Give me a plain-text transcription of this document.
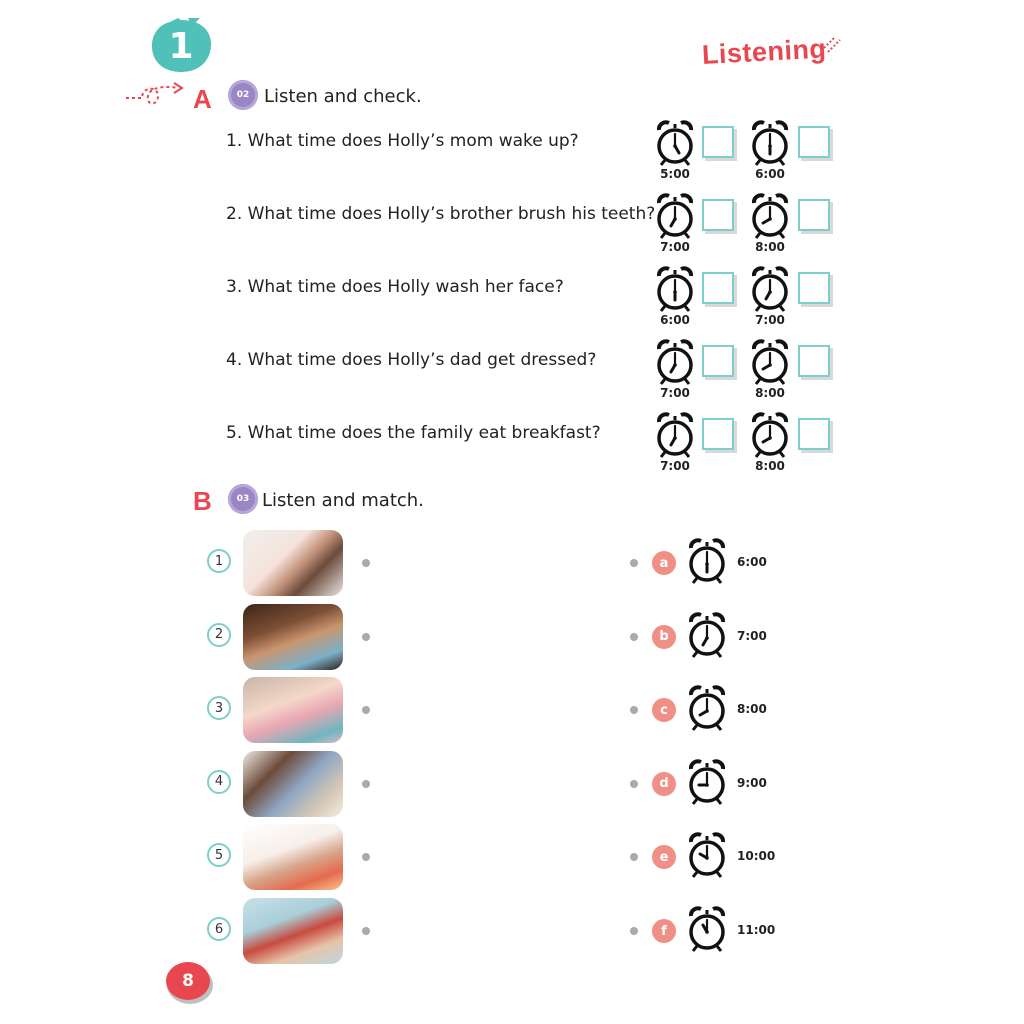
1	Listening
A	02 Listen and check.
1. What time does Holly’s mom wake up?
5:00	6:00
2. What time does Holly’s brother brush his teeth?
7:00	8:00
3. What time does Holly wash her face?
6:00	7:00
4. What time does Holly’s dad get dressed?
7:00	8:00
5. What time does the family eat breakfast?
7:00	8:00
B	03 Listen and match.
1	a	6:00
2	b	7:00
3	c	8:00
4	d	9:00
5	e	10:00
6	f	11:00
8
